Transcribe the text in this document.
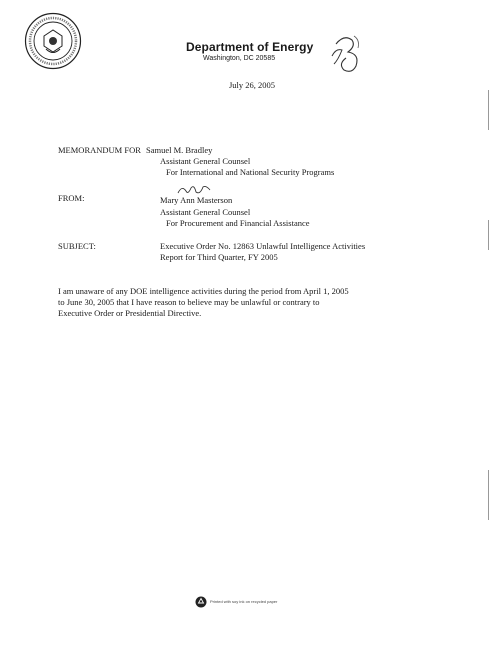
Department of Energy
Washington, DC 20585
July 26, 2005
MEMORANDUM FOR Samuel M. Bradley
Assistant General Counsel
For International and National Security Programs
FROM:	Mary Ann Masterson
Assistant General Counsel
For Procurement and Financial Assistance
SUBJECT:	Executive Order No. 12863 Unlawful Intelligence Activities
Report for Third Quarter, FY 2005
I am unaware of any DOE intelligence activities during the period from April 1, 2005
to June 30, 2005 that I have reason to believe may be unlawful or contrary to
Executive Order or Presidential Directive.
Printed with soy ink on recycled paper
